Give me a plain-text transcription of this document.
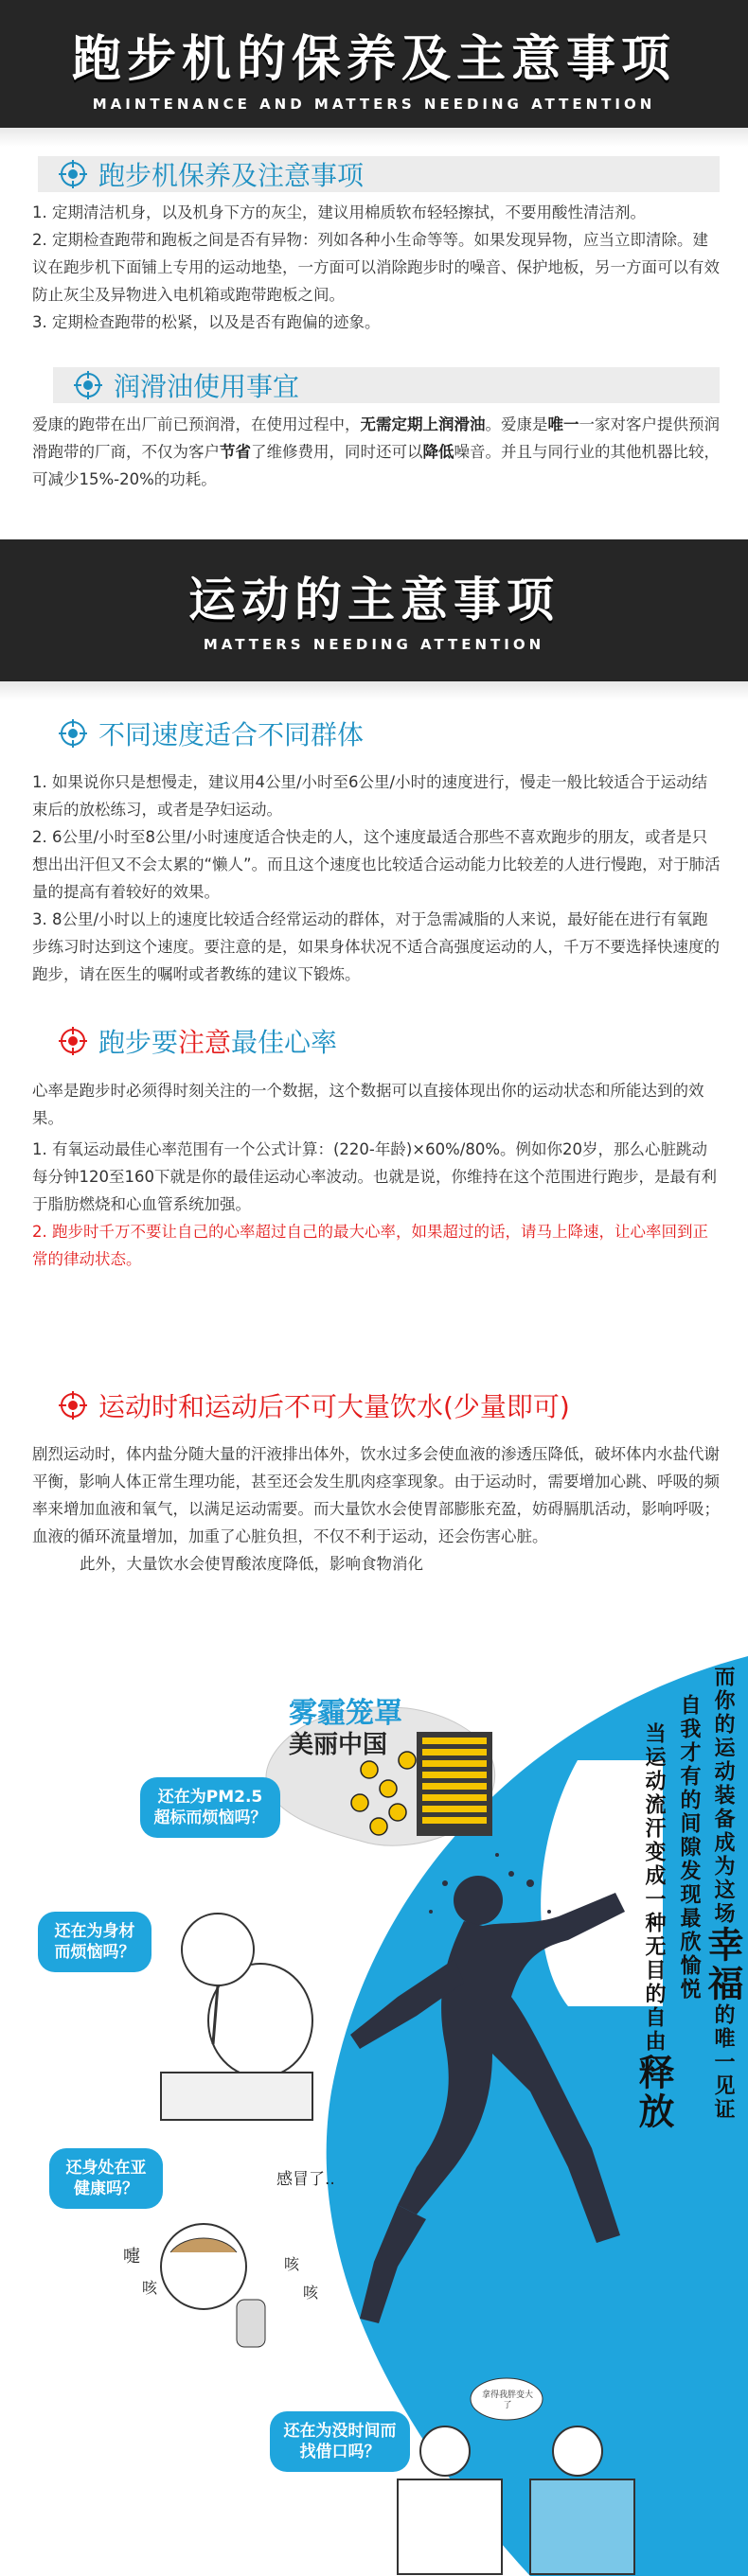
跑步机的保养及主意事项
MAINTENANCE AND MATTERS NEEDING ATTENTION
跑步机保养及注意事项
1. 定期清洁机身，以及机身下方的灰尘，建议用棉质软布轻轻擦拭，不要用酸性清洁剂。
2. 定期检查跑带和跑板之间是否有异物：列如各种小生命等等。如果发现异物，应当立即清除。建议在跑步机下面铺上专用的运动地垫，一方面可以消除跑步时的噪音、保护地板，另一方面可以有效防止灰尘及异物进入电机箱或跑带跑板之间。
3. 定期检查跑带的松紧，以及是否有跑偏的迹象。
润滑油使用事宜

爱康的跑带在出厂前已预润滑，在使用过程中，无需定期上润滑油。爱康是唯一一家对客户提供预润滑跑带的厂商，不仅为客户节省了维修费用，同时还可以降低噪音。并且与同行业的其他机器比较，可减少15%-20%的功耗。

运动的主意事项
MATTERS NEEDING ATTENTION
不同速度适合不同群体
1. 如果说你只是想慢走，建议用4公里/小时至6公里/小时的速度进行，慢走一般比较适合于运动结束后的放松练习，或者是孕妇运动。
2. 6公里/小时至8公里/小时速度适合快走的人，这个速度最适合那些不喜欢跑步的朋友，或者是只想出出汗但又不会太累的“懒人”。而且这个速度也比较适合运动能力比较差的人进行慢跑，对于肺活量的提高有着较好的效果。
3. 8公里/小时以上的速度比较适合经常运动的群体，对于急需减脂的人来说，最好能在进行有氧跑步练习时达到这个速度。要注意的是，如果身体状况不适合高强度运动的人，千万不要选择快速度的跑步，请在医生的嘱咐或者教练的建议下锻炼。
跑步要注意最佳心率

心率是跑步时必须得时刻关注的一个数据，这个数据可以直接体现出你的运动状态和所能达到的效果。

1. 有氧运动最佳心率范围有一个公式计算：(220-年龄)×60%/80%。例如你20岁，那么心脏跳动每分钟120至160下就是你的最佳运动心率波动。也就是说，你维持在这个范围进行跑步，是最有利于脂肪燃烧和心血管系统加强。
2. 跑步时千万不要让自己的心率超过自己的最大心率，如果超过的话，请马上降速，让心率回到正常的律动状态。
运动时和运动后不可大量饮水(少量即可)

剧烈运动时，体内盐分随大量的汗液排出体外，饮水过多会使血液的渗透压降低，破坏体内水盐代谢平衡，影响人体正常生理功能，甚至还会发生肌肉痉挛现象。由于运动时，需要增加心跳、呼吸的频率来增加血液和氧气，以满足运动需要。而大量饮水会使胃部膨胀充盈，妨碍膈肌活动，影响呼吸；血液的循环流量增加，加重了心脏负担，不仅不利于运动，还会伤害心脏。

此外，大量饮水会使胃酸浓度降低，影响食物消化

雾霾笼罩
美丽中国
还在为PM2.5超标而烦恼吗？
还在为身材而烦恼吗？
还身处在亚健康吗？
还在为没时间而找借口吗？
感冒了..
嚏	咳
咳
咳
拿得我胖变大了
当运动流汗变成一种无目的自由释放
自我才有的间隙发现最欣愉悦 而你的运动装备成为这场幸福的唯一见证
